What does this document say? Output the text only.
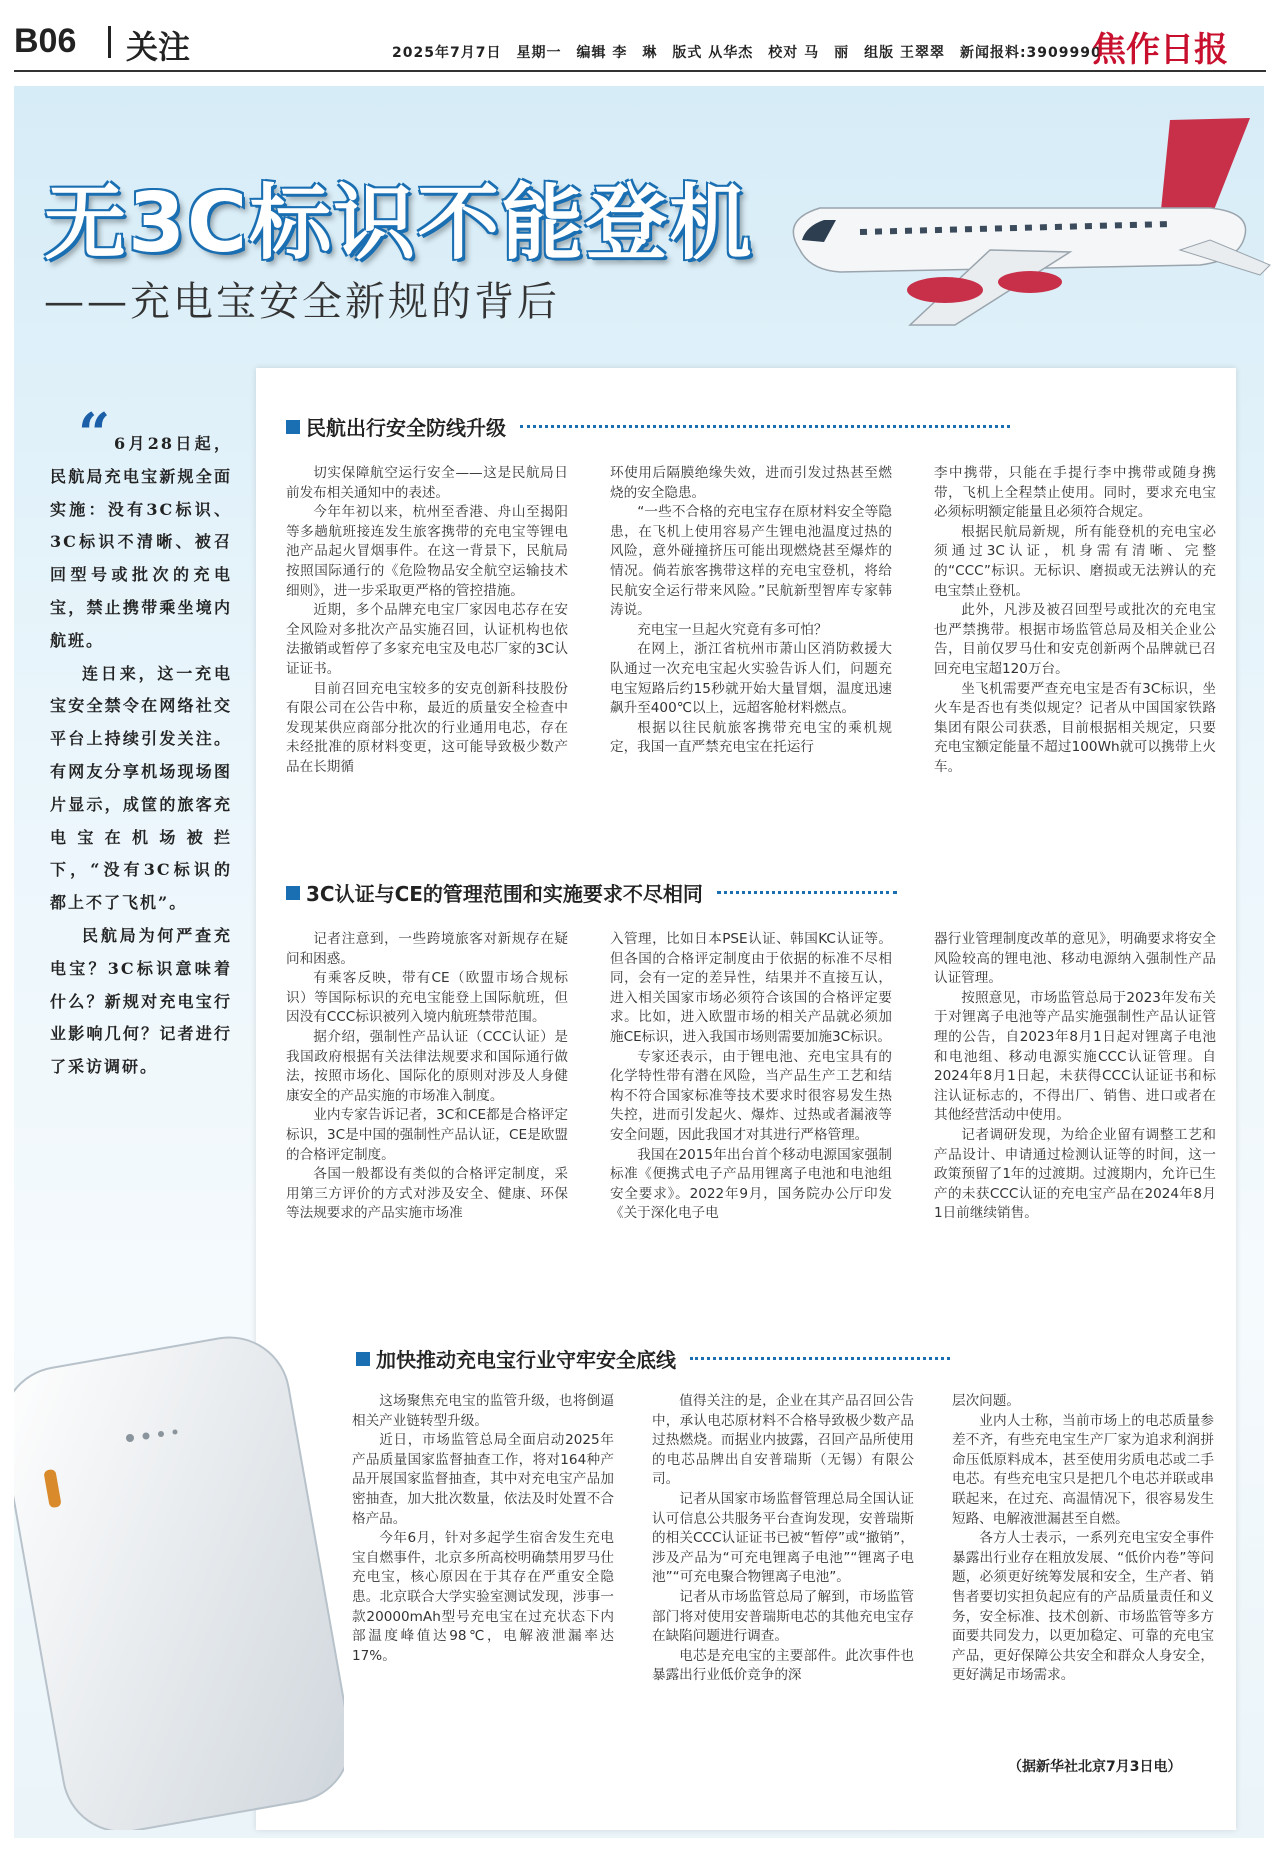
B06 关注	2025年7月7日　星期一　编辑 李　琳　版式 从华杰　校对 马　丽　组版 王翠翠　新闻报料:3909990
焦作日报
无3C标识不能登机
——充电宝安全新规的背后
“ 6月28日起，民航局充电宝新规全面实施：没有3C标识、3C标识不清晰、被召回型号或批次的充电宝，禁止携带乘坐境内航班。

连日来，这一充电宝安全禁令在网络社交平台上持续引发关注。有网友分享机场现场图片显示，成筐的旅客充电宝在机场被拦下，“没有3C标识的都上不了飞机”。

民航局为何严查充电宝？3C标识意味着什么？新规对充电宝行业影响几何？记者进行了采访调研。

民航出行安全防线升级

切实保障航空运行安全——这是民航局日前发布相关通知中的表述。

今年年初以来，杭州至香港、舟山至揭阳等多趟航班接连发生旅客携带的充电宝等锂电池产品起火冒烟事件。在这一背景下，民航局按照国际通行的《危险物品安全航空运输技术细则》，进一步采取更严格的管控措施。

近期，多个品牌充电宝厂家因电芯存在安全风险对多批次产品实施召回，认证机构也依法撤销或暂停了多家充电宝及电芯厂家的3C认证证书。

目前召回充电宝较多的安克创新科技股份有限公司在公告中称，最近的质量安全检查中发现某供应商部分批次的行业通用电芯，存在未经批准的原材料变更，这可能导致极少数产品在长期循

环使用后隔膜绝缘失效，进而引发过热甚至燃烧的安全隐患。

“一些不合格的充电宝存在原材料安全等隐患，在飞机上使用容易产生锂电池温度过热的风险，意外碰撞挤压可能出现燃烧甚至爆炸的情况。倘若旅客携带这样的充电宝登机，将给民航安全运行带来风险。”民航新型智库专家韩涛说。

充电宝一旦起火究竟有多可怕？

在网上，浙江省杭州市萧山区消防救援大队通过一次充电宝起火实验告诉人们，问题充电宝短路后约15秒就开始大量冒烟，温度迅速飙升至400℃以上，远超客舱材料燃点。

根据以往民航旅客携带充电宝的乘机规定，我国一直严禁充电宝在托运行

李中携带，只能在手提行李中携带或随身携带，飞机上全程禁止使用。同时，要求充电宝必须标明额定能量且必须符合规定。

根据民航局新规，所有能登机的充电宝必须通过3C认证，机身需有清晰、完整的“CCC”标识。无标识、磨损或无法辨认的充电宝禁止登机。

此外，凡涉及被召回型号或批次的充电宝也严禁携带。根据市场监管总局及相关企业公告，目前仅罗马仕和安克创新两个品牌就已召回充电宝超120万台。

坐飞机需要严查充电宝是否有3C标识，坐火车是否也有类似规定？记者从中国国家铁路集团有限公司获悉，目前根据相关规定，只要充电宝额定能量不超过100Wh就可以携带上火车。

3C认证与CE的管理范围和实施要求不尽相同

记者注意到，一些跨境旅客对新规存在疑问和困惑。

有乘客反映，带有CE（欧盟市场合规标识）等国际标识的充电宝能登上国际航班，但因没有CCC标识被列入境内航班禁带范围。

据介绍，强制性产品认证（CCC认证）是我国政府根据有关法律法规要求和国际通行做法，按照市场化、国际化的原则对涉及人身健康安全的产品实施的市场准入制度。

业内专家告诉记者，3C和CE都是合格评定标识，3C是中国的强制性产品认证，CE是欧盟的合格评定制度。

各国一般都设有类似的合格评定制度，采用第三方评价的方式对涉及安全、健康、环保等法规要求的产品实施市场准

入管理，比如日本PSE认证、韩国KC认证等。但各国的合格评定制度由于依据的标准不尽相同，会有一定的差异性，结果并不直接互认，进入相关国家市场必须符合该国的合格评定要求。比如，进入欧盟市场的相关产品就必须加施CE标识，进入我国市场则需要加施3C标识。

专家还表示，由于锂电池、充电宝具有的化学特性带有潜在风险，当产品生产工艺和结构不符合国家标准等技术要求时很容易发生热失控，进而引发起火、爆炸、过热或者漏液等安全问题，因此我国才对其进行严格管理。

我国在2015年出台首个移动电源国家强制标准《便携式电子产品用锂离子电池和电池组安全要求》。2022年9月，国务院办公厅印发《关于深化电子电

器行业管理制度改革的意见》，明确要求将安全风险较高的锂电池、移动电源纳入强制性产品认证管理。

按照意见，市场监管总局于2023年发布关于对锂离子电池等产品实施强制性产品认证管理的公告，自2023年8月1日起对锂离子电池和电池组、移动电源实施CCC认证管理。自2024年8月1日起，未获得CCC认证证书和标注认证标志的，不得出厂、销售、进口或者在其他经营活动中使用。

记者调研发现，为给企业留有调整工艺和产品设计、申请通过检测认证等的时间，这一政策预留了1年的过渡期。过渡期内，允许已生产的未获CCC认证的充电宝产品在2024年8月1日前继续销售。

加快推动充电宝行业守牢安全底线

这场聚焦充电宝的监管升级，也将倒逼相关产业链转型升级。

近日，市场监管总局全面启动2025年产品质量国家监督抽查工作，将对164种产品开展国家监督抽查，其中对充电宝产品加密抽查，加大批次数量，依法及时处置不合格产品。

今年6月，针对多起学生宿舍发生充电宝自燃事件，北京多所高校明确禁用罗马仕充电宝，核心原因在于其存在严重安全隐患。北京联合大学实验室测试发现，涉事一款20000mAh型号充电宝在过充状态下内部温度峰值达98℃，电解液泄漏率达17%。

值得关注的是，企业在其产品召回公告中，承认电芯原材料不合格导致极少数产品过热燃烧。而据业内披露，召回产品所使用的电芯品牌出自安普瑞斯（无锡）有限公司。

记者从国家市场监督管理总局全国认证认可信息公共服务平台查询发现，安普瑞斯的相关CCC认证证书已被“暂停”或“撤销”，涉及产品为“可充电锂离子电池”“锂离子电池”“可充电聚合物锂离子电池”。

记者从市场监管总局了解到，市场监管部门将对使用安普瑞斯电芯的其他充电宝存在缺陷问题进行调查。

电芯是充电宝的主要部件。此次事件也暴露出行业低价竞争的深

层次问题。

业内人士称，当前市场上的电芯质量参差不齐，有些充电宝生产厂家为追求利润拼命压低原料成本，甚至使用劣质电芯或二手电芯。有些充电宝只是把几个电芯并联或串联起来，在过充、高温情况下，很容易发生短路、电解液泄漏甚至自燃。

各方人士表示，一系列充电宝安全事件暴露出行业存在粗放发展、“低价内卷”等问题，必须更好统筹发展和安全，生产者、销售者要切实担负起应有的产品质量责任和义务，安全标准、技术创新、市场监管等多方面要共同发力，以更加稳定、可靠的充电宝产品，更好保障公共安全和群众人身安全，更好满足市场需求。

（据新华社北京7月3日电）
